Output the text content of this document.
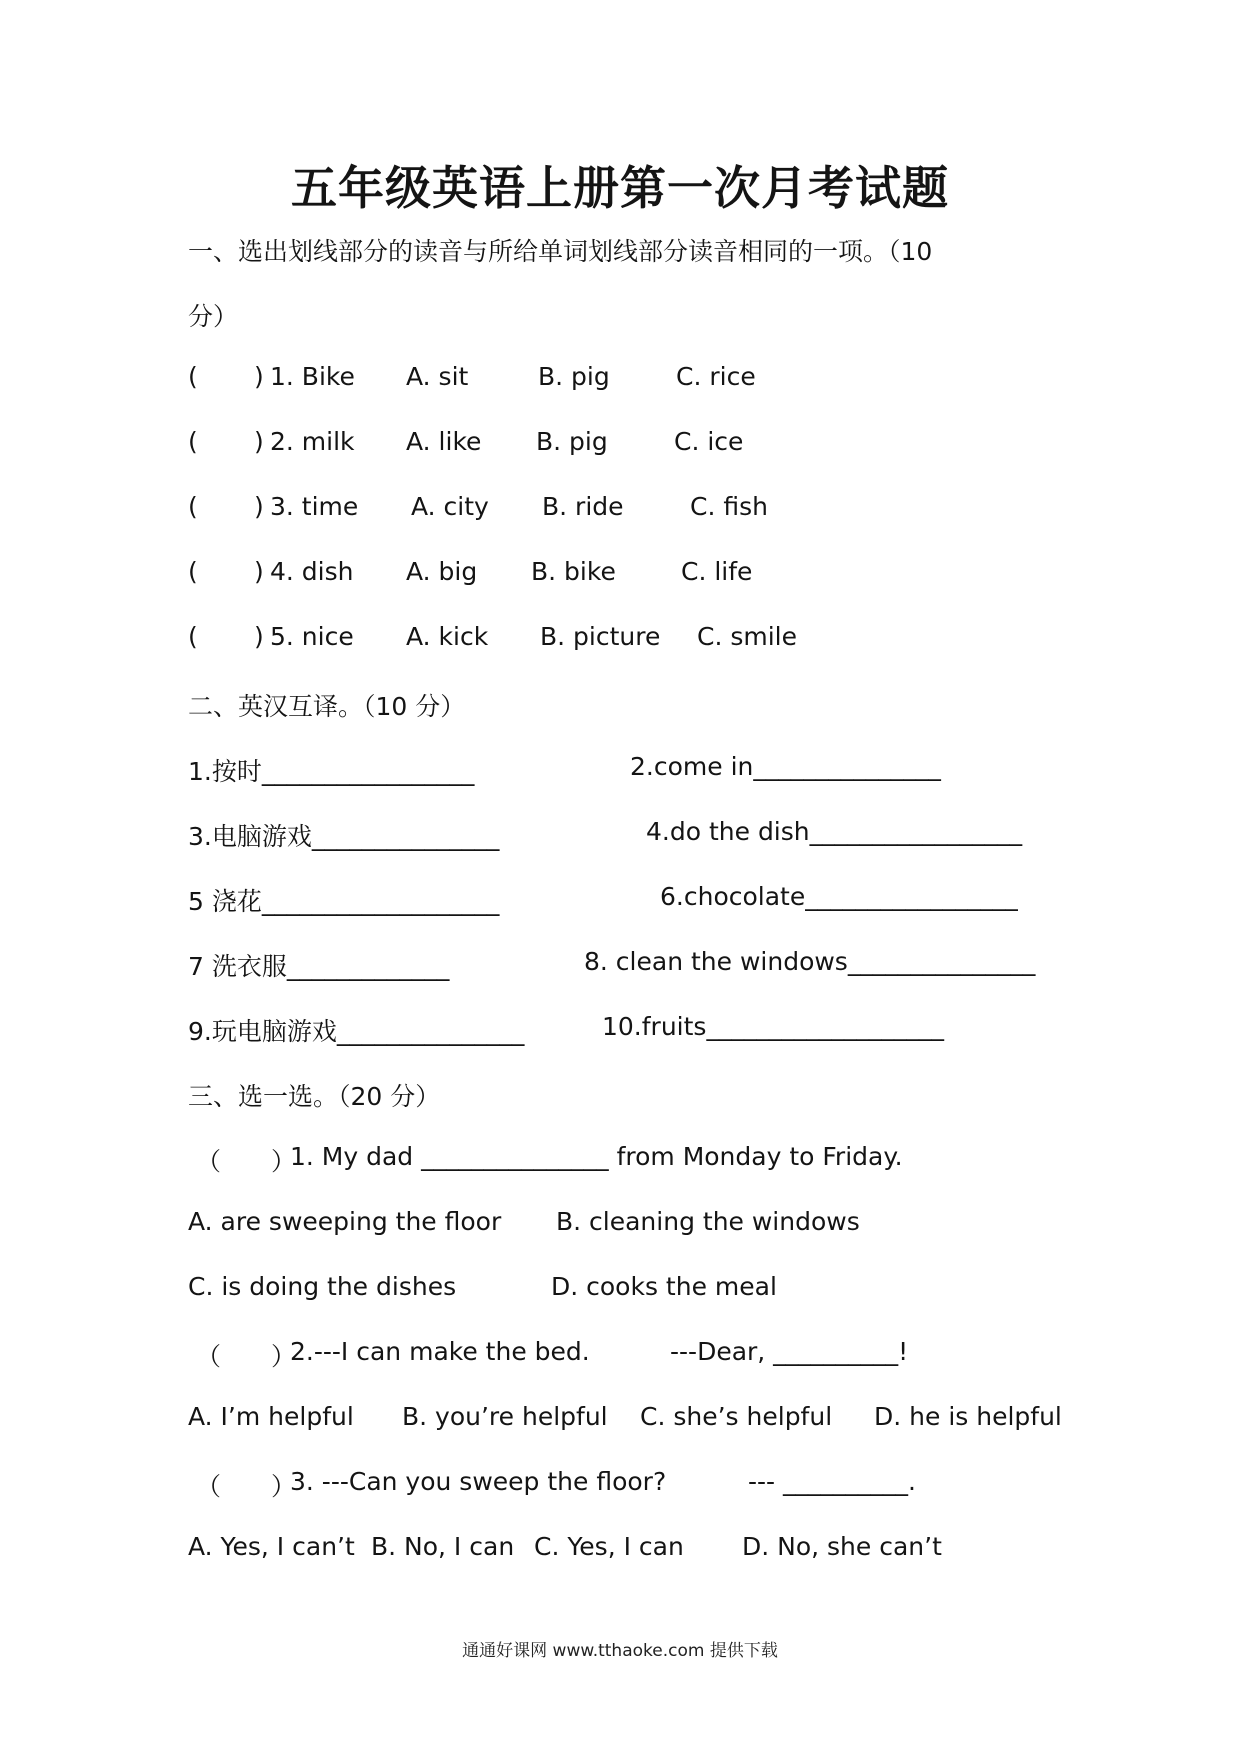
五年级英语上册第一次月考试题
一、选出划线部分的读音与所给单词划线部分读音相同的一项。（10
分）
( ) 1. Bike A. sit	B. pig	C. rice
( ) 2. milk A. like B. pig	C. ice
( ) 3. time A. city B. ride	C. fish
( ) 4. dish A. big B. bike	C. life
( ) 5. nice A. kick B. picture C. smile
二、英汉互译。（10 分）
1.按时_________________	2.come in_______________
3.电脑游戏_______________	4.do the dish_________________
5 浇花___________________	6.chocolate_________________
7 洗衣服_____________	8. clean the windows_______________
9.玩电脑游戏_______________	10.fruits___________________
三、选一选。（20 分）
（　　）
1. My dad _______________ from Monday to Friday.
A. are sweeping the floor B. cleaning the windows
C. is doing the dishes	D. cooks the meal
（　　）
2.---I can make the bed.	---Dear, __________!
A. I’m helpful B. you’re helpful C. she’s helpful D. he is helpful
（　　）
3. ---Can you sweep the floor?	--- __________.
A. Yes, I can’t B. No, I can C. Yes, I can D. No, she can’t
通通好课网 www.tthaoke.com 提供下载
